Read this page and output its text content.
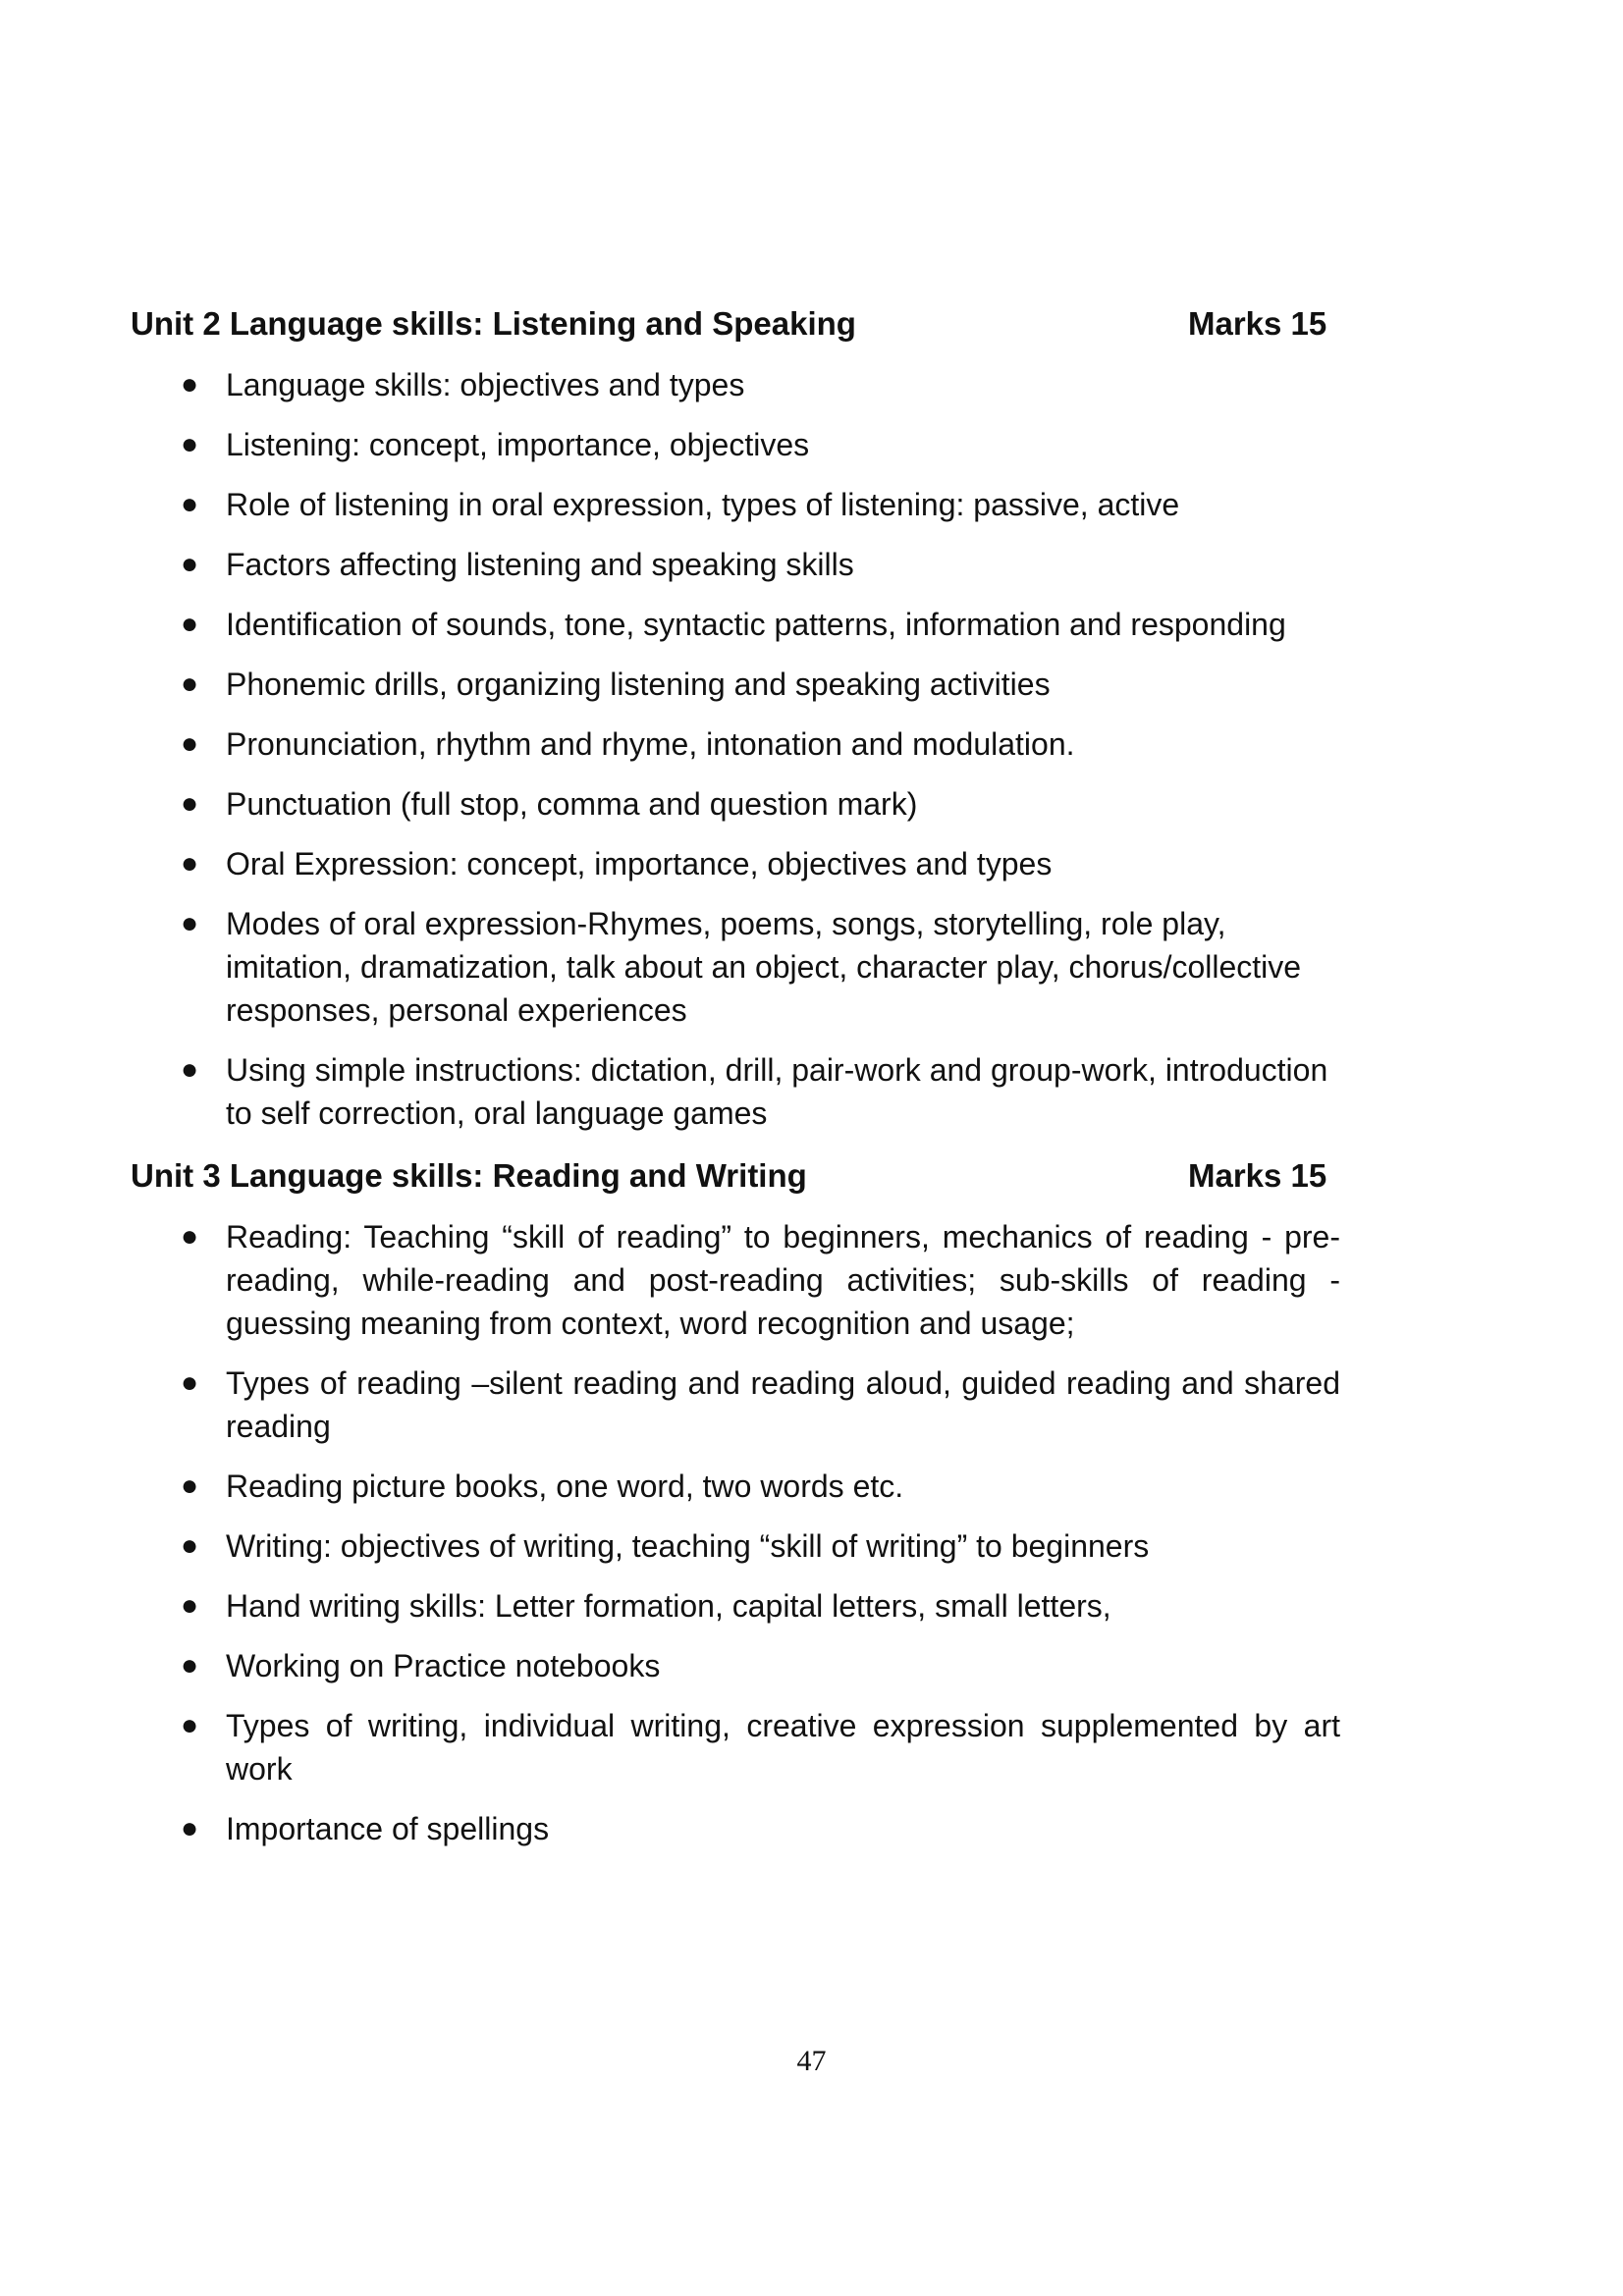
Unit 2 Language skills: Listening and Speaking	Marks 15
● Language skills: objectives and types
● Listening: concept, importance, objectives
● Role of listening in oral expression, types of listening: passive, active
● Factors affecting listening and speaking skills
● Identification of sounds, tone, syntactic patterns, information and responding
● Phonemic drills, organizing listening and speaking activities
● Pronunciation, rhythm and rhyme, intonation and modulation.
● Punctuation (full stop, comma and question mark)
● Oral Expression: concept, importance, objectives and types
● Modes of oral expression-Rhymes, poems, songs, storytelling, role play, imitation, dramatization, talk about an object, character play, chorus/collective responses, personal experiences
● Using simple instructions: dictation, drill, pair-work and group-work, introduction to self correction, oral language games
Unit 3 Language skills: Reading and Writing	Marks 15
● Reading: Teaching “skill of reading” to beginners, mechanics of reading - pre-reading, while-reading and post-reading activities; sub-skills of reading - guessing meaning from context, word recognition and usage;
● Types of reading –silent reading and reading aloud, guided reading and shared reading
● Reading picture books, one word, two words etc.
● Writing: objectives of writing, teaching “skill of writing” to beginners
● Hand writing skills: Letter formation, capital letters, small letters,
● Working on Practice notebooks
● Types of writing, individual writing, creative expression supplemented by art work
● Importance of spellings
47
